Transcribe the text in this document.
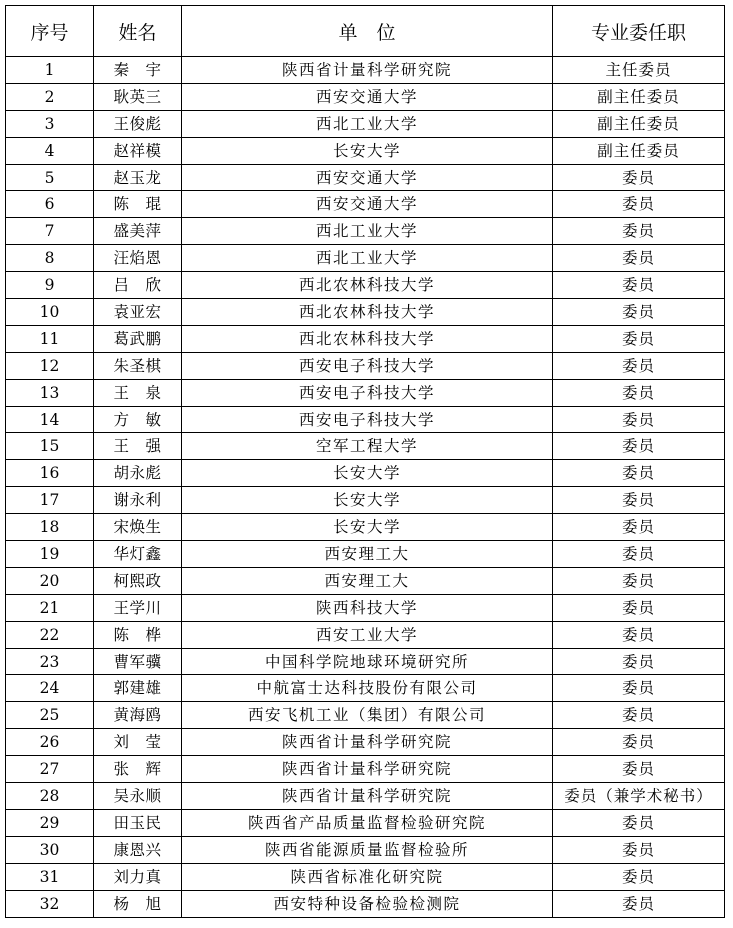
序号	姓名	单　位	专业委任职
1	秦　宇	陕西省计量科学研究院	主任委员
2	耿英三	西安交通大学	副主任委员
3	王俊彪	西北工业大学	副主任委员
4	赵祥模	长安大学	副主任委员
5	赵玉龙	西安交通大学	委员
6	陈　琨	西安交通大学	委员
7	盛美萍	西北工业大学	委员
8	汪焰恩	西北工业大学	委员
9	吕　欣	西北农林科技大学	委员
10	袁亚宏	西北农林科技大学	委员
11	葛武鹏	西北农林科技大学	委员
12	朱圣棋	西安电子科技大学	委员
13	王　泉	西安电子科技大学	委员
14	方　敏	西安电子科技大学	委员
15	王　强	空军工程大学	委员
16	胡永彪	长安大学	委员
17	谢永利	长安大学	委员
18	宋焕生	长安大学	委员
19	华灯鑫	西安理工大	委员
20	柯熙政	西安理工大	委员
21	王学川	陕西科技大学	委员
22	陈　桦	西安工业大学	委员
23	曹军骥	中国科学院地球环境研究所	委员
24	郭建雄	中航富士达科技股份有限公司	委员
25	黄海鸥	西安飞机工业（集团）有限公司	委员
26	刘　莹	陕西省计量科学研究院	委员
27	张　辉	陕西省计量科学研究院	委员
28	吴永顺	陕西省计量科学研究院	委员（兼学术秘书）
29	田玉民	陕西省产品质量监督检验研究院	委员
30	康恩兴	陕西省能源质量监督检验所	委员
31	刘力真	陕西省标准化研究院	委员
32	杨　旭	西安特种设备检验检测院	委员
